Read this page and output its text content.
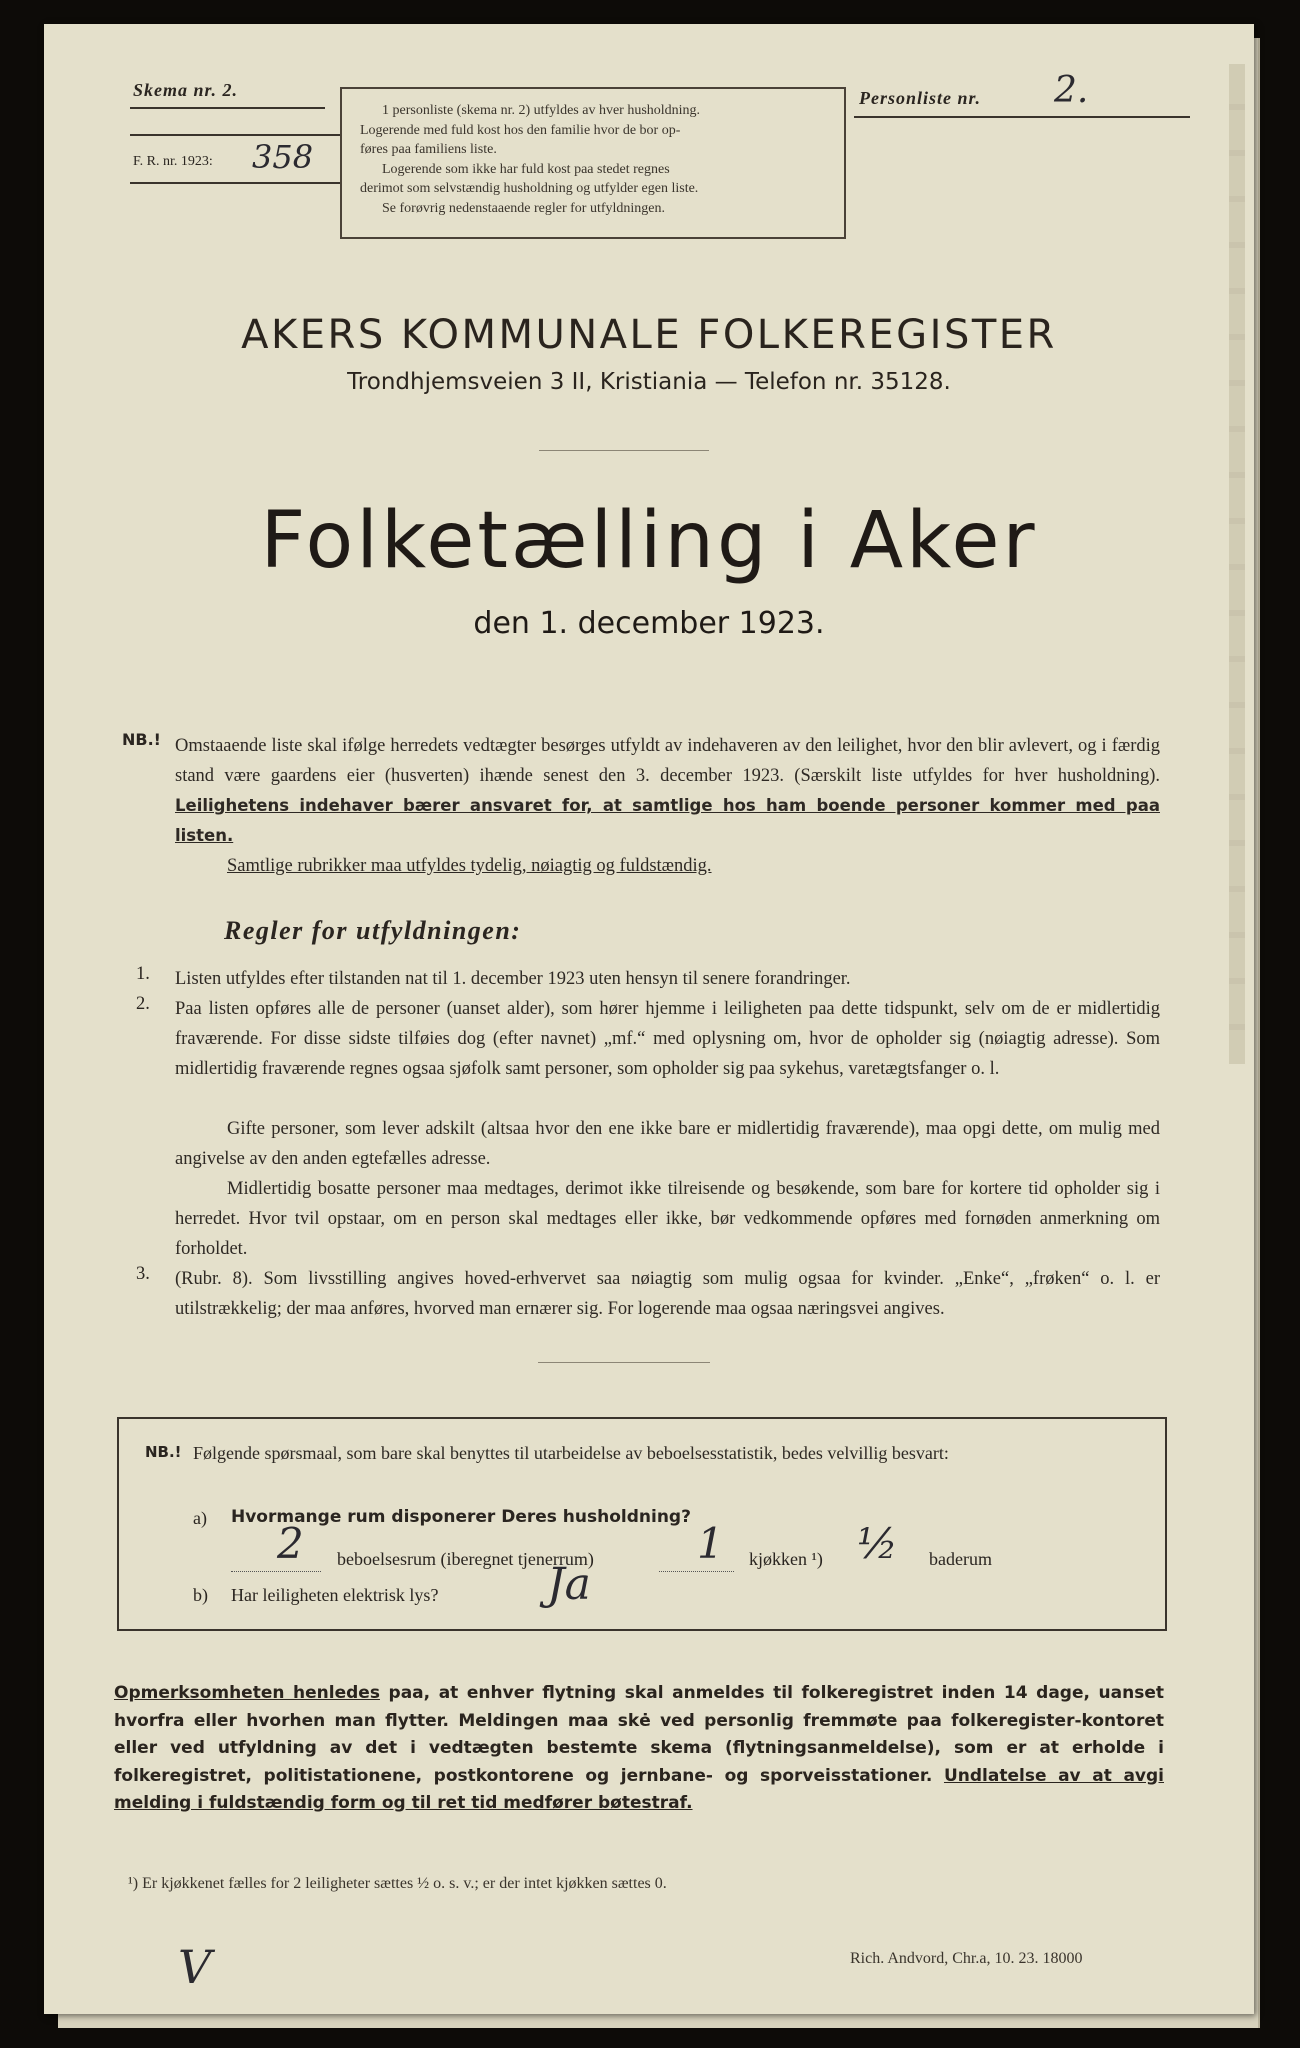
Skema nr. 2.
F. R. nr. 1923: 358

1 personliste (skema nr. 2) utfyldes av hver husholdning.

Logerende med fuld kost hos den familie hvor de bor op-

føres paa familiens liste.

Logerende som ikke har fuld kost paa stedet regnes

derimot som selvstændig husholdning og utfylder egen liste.

Se forøvrig nedenstaaende regler for utfyldningen.

Personliste nr. 2.
AKERS KOMMUNALE FOLKEREGISTER
Trondhjemsveien 3 II, Kristiania — Telefon nr. 35128.
Folketælling i Aker
den 1. december 1923.
NB.! Omstaaende liste skal ifølge herredets vedtægter besørges utfyldt av indehaveren av den leilighet, hvor den blir avlevert, og i færdig stand være gaardens eier (husverten) ihænde senest den 3. december 1923. (Særskilt liste utfyldes for hver husholdning). Leilighetens indehaver bærer ansvaret for, at samtlige hos ham boende personer kommer med paa listen.
Samtlige rubrikker maa utfyldes tydelig, nøiagtig og fuldstændig.
Regler for utfyldningen:
1. Listen utfyldes efter tilstanden nat til 1. december 1923 uten hensyn til senere forandringer.
2. Paa listen opføres alle de personer (uanset alder), som hører hjemme i leiligheten paa dette tidspunkt, selv om de er midlertidig fraværende. For disse sidste tilføies dog (efter navnet) „mf.“ med oplysning om, hvor de opholder sig (nøiagtig adresse). Som midlertidig fraværende regnes ogsaa sjøfolk samt personer, som opholder sig paa sykehus, varetægtsfanger o. l.
Gifte personer, som lever adskilt (altsaa hvor den ene ikke bare er midlertidig fraværende), maa opgi dette, om mulig med angivelse av den anden egtefælles adresse.
Midlertidig bosatte personer maa medtages, derimot ikke tilreisende og besøkende, som bare for kortere tid opholder sig i herredet. Hvor tvil opstaar, om en person skal medtages eller ikke, bør vedkommende opføres med fornøden anmerkning om forholdet.
3. (Rubr. 8). Som livsstilling angives hoved-erhvervet saa nøiagtig som mulig ogsaa for kvinder. „Enke“, „frøken“ o. l. er utilstrækkelig; der maa anføres, hvorved man ernærer sig. For logerende maa ogsaa næringsvei angives.
NB.! Følgende spørsmaal, som bare skal benyttes til utarbeidelse av beboelsesstatistik, bedes velvillig besvart:
a) Hvormange rum disponerer Deres husholdning?
2 beboelsesrum (iberegnet tjenerrum) 1 kjøkken ¹) ½ baderum
b) Har leiligheten elektrisk lys? Ja
Opmerksomheten henledes paa, at enhver flytning skal anmeldes til folkeregistret inden 14 dage, uanset hvorfra eller hvorhen man flytter. Meldingen maa skė ved personlig fremmøte paa folkeregister-kontoret eller ved utfyldning av det i vedtægten bestemte skema (flytningsanmeldelse), som er at erholde i folkeregistret, politistationene, postkontorene og jernbane- og sporveisstationer. Undlatelse av at avgi melding i fuldstændig form og til ret tid medfører bøtestraf.
¹) Er kjøkkenet fælles for 2 leiligheter sættes ½ o. s. v.; er der intet kjøkken sættes 0.
Rich. Andvord, Chr.a, 10. 23. 18000
V
